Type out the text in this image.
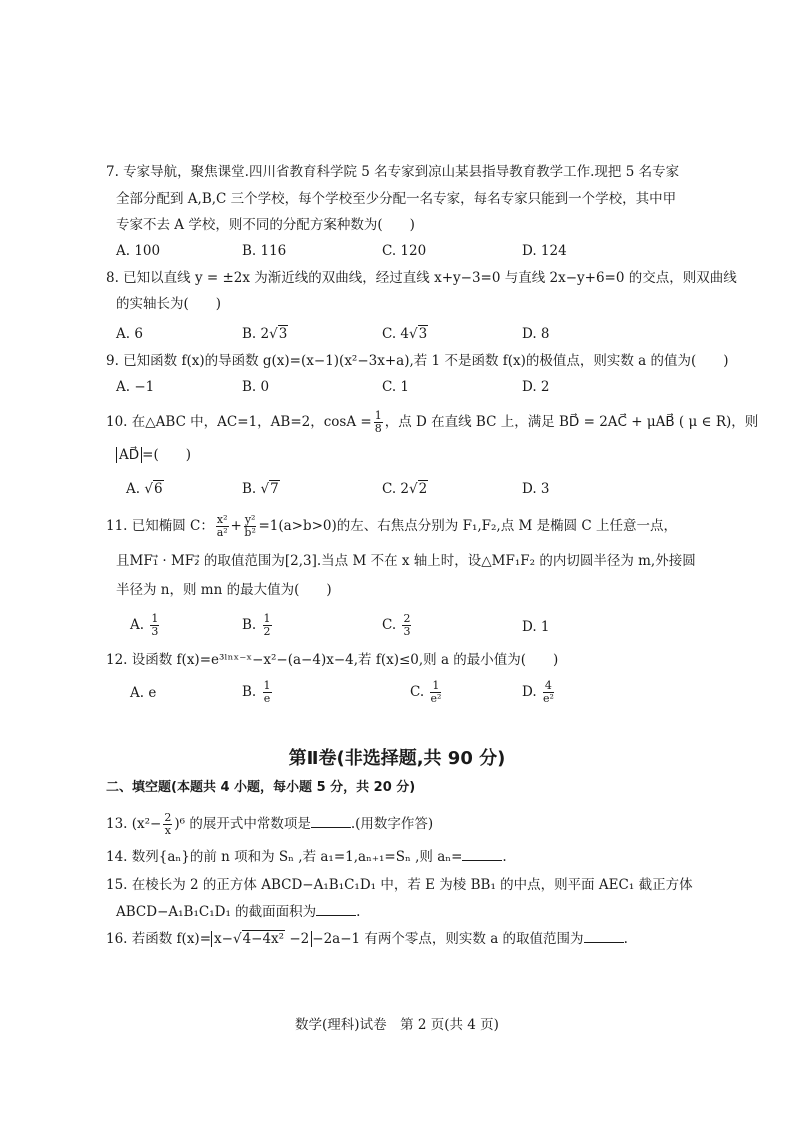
7. 专家导航，聚焦课堂.四川省教育科学院 5 名专家到凉山某县指导教育教学工作.现把 5 名专家
全部分配到 A,B,C 三个学校，每个学校至少分配一名专家，每名专家只能到一个学校，其中甲
专家不去 A 学校，则不同的分配方案种数为(　　)
A. 100	B. 116	C. 120	D. 124
8. 已知以直线 y = ±2x 为渐近线的双曲线，经过直线 x+y−3=0 与直线 2x−y+6=0 的交点，则双曲线
的实轴长为(　　)
A. 6	B. 2√3	C. 4√3	D. 8
9. 已知函数 f(x)的导函数 g(x)=(x−1)(x²−3x+a),若 1 不是函数 f(x)的极值点，则实数 a 的值为(　　)
A. −1	B. 0	C. 1	D. 2
10. 在△ABC 中，AC=1，AB=2，$\cos A = \frac{1}{8}$ ，点 D 在直线 BC 上，满足 BD⃗ = 2AC⃗ + μAB⃗ ( μ ∈ R)，则
AD⃗ =(　　)
A. √6	B. √7	C. 2√2	D. 3
11. 已知椭圆 C： $\frac{\text{x²}}{\text{a²}} + \frac{\text{y²}}{\text{b²}} =1(a>b>0)$的左、右焦点分别为 F₁,F₂,点 M 是椭圆 C 上任意一点，
且MF₁⃗ · MF₂⃗ 的取值范围为[2,3].当点 M 不在 x 轴上时，设△MF₁F₂ 的内切圆半径为 m,外接圆
半径为 n，则 mn 的最大值为(　　)
A. $\frac{1}{3}$	B. $\frac{1}{2}$	C. $\frac{2}{3}$	D. 1
12. 设函数 f(x)=e³ˡⁿˣ⁻ˣ−x²−(a−4)x−4,若 f(x)≤0,则 a 的最小值为(　　)
A. e	B. $\frac{1}{e}$	C. $\frac{1}{\text{e²}}$	D. $\frac{4}{\text{e²}}$
第Ⅱ卷(非选择题,共 90 分)
二、填空题(本题共 4 小题，每小题 5 分，共 20 分)
13. $(x^2- \frac{2}{x} )^6$ 的展开式中常数项是	.(用数字作答)
14. 数列{aₙ}的前 n 项和为 Sₙ ,若 a₁=1,aₙ₊₁=Sₙ ,则 aₙ=	.
15. 在棱长为 2 的正方体 ABCD−A₁B₁C₁D₁ 中，若 E 为棱 BB₁ 的中点，则平面 AEC₁ 截正方体
ABCD−A₁B₁C₁D₁ 的截面面积为	.
16. 若函数 f(x)= x−√4−4x² −2 −2a−1 有两个零点，则实数 a 的取值范围为	.
数学(理科)试卷　第 2 页(共 4 页)
